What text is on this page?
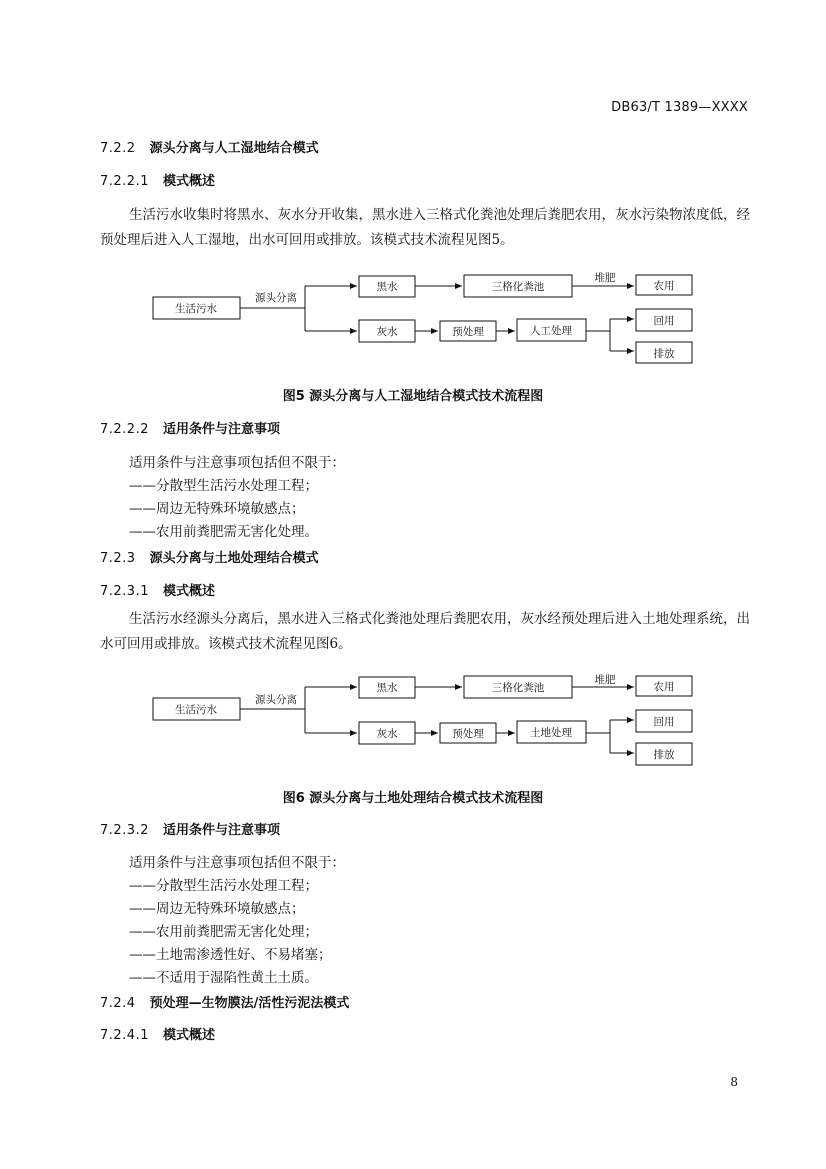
DB63/T 1389—XXXX
7.2.2 源头分离与人工湿地结合模式
7.2.2.1 模式概述
生活污水收集时将黑水、灰水分开收集，黑水进入三格式化粪池处理后粪肥农用，灰水污染物浓度低，经预处理后进入人工湿地，出水可回用或排放。该模式技术流程见图5。
生活污水
源头分离
黑水	三格化粪池
堆肥
农用
灰水	预处理	人工处理
回用
排放
图5 源头分离与人工湿地结合模式技术流程图
7.2.2.2 适用条件与注意事项
适用条件与注意事项包括但不限于：
——分散型生活污水处理工程；
——周边无特殊环境敏感点；
——农用前粪肥需无害化处理。
7.2.3 源头分离与土地处理结合模式
7.2.3.1 模式概述
生活污水经源头分离后，黑水进入三格式化粪池处理后粪肥农用，灰水经预处理后进入土地处理系统，出水可回用或排放。该模式技术流程见图6。
生活污水
源头分离
黑水	三格化粪池
堆肥
农用
灰水	预处理	土地处理
回用
排放
图6 源头分离与土地处理结合模式技术流程图
7.2.3.2 适用条件与注意事项
适用条件与注意事项包括但不限于：
——分散型生活污水处理工程；
——周边无特殊环境敏感点；
——农用前粪肥需无害化处理；
——土地需渗透性好、不易堵塞；
——不适用于湿陷性黄土土质。
7.2.4 预处理—生物膜法/活性污泥法模式
7.2.4.1 模式概述
8
